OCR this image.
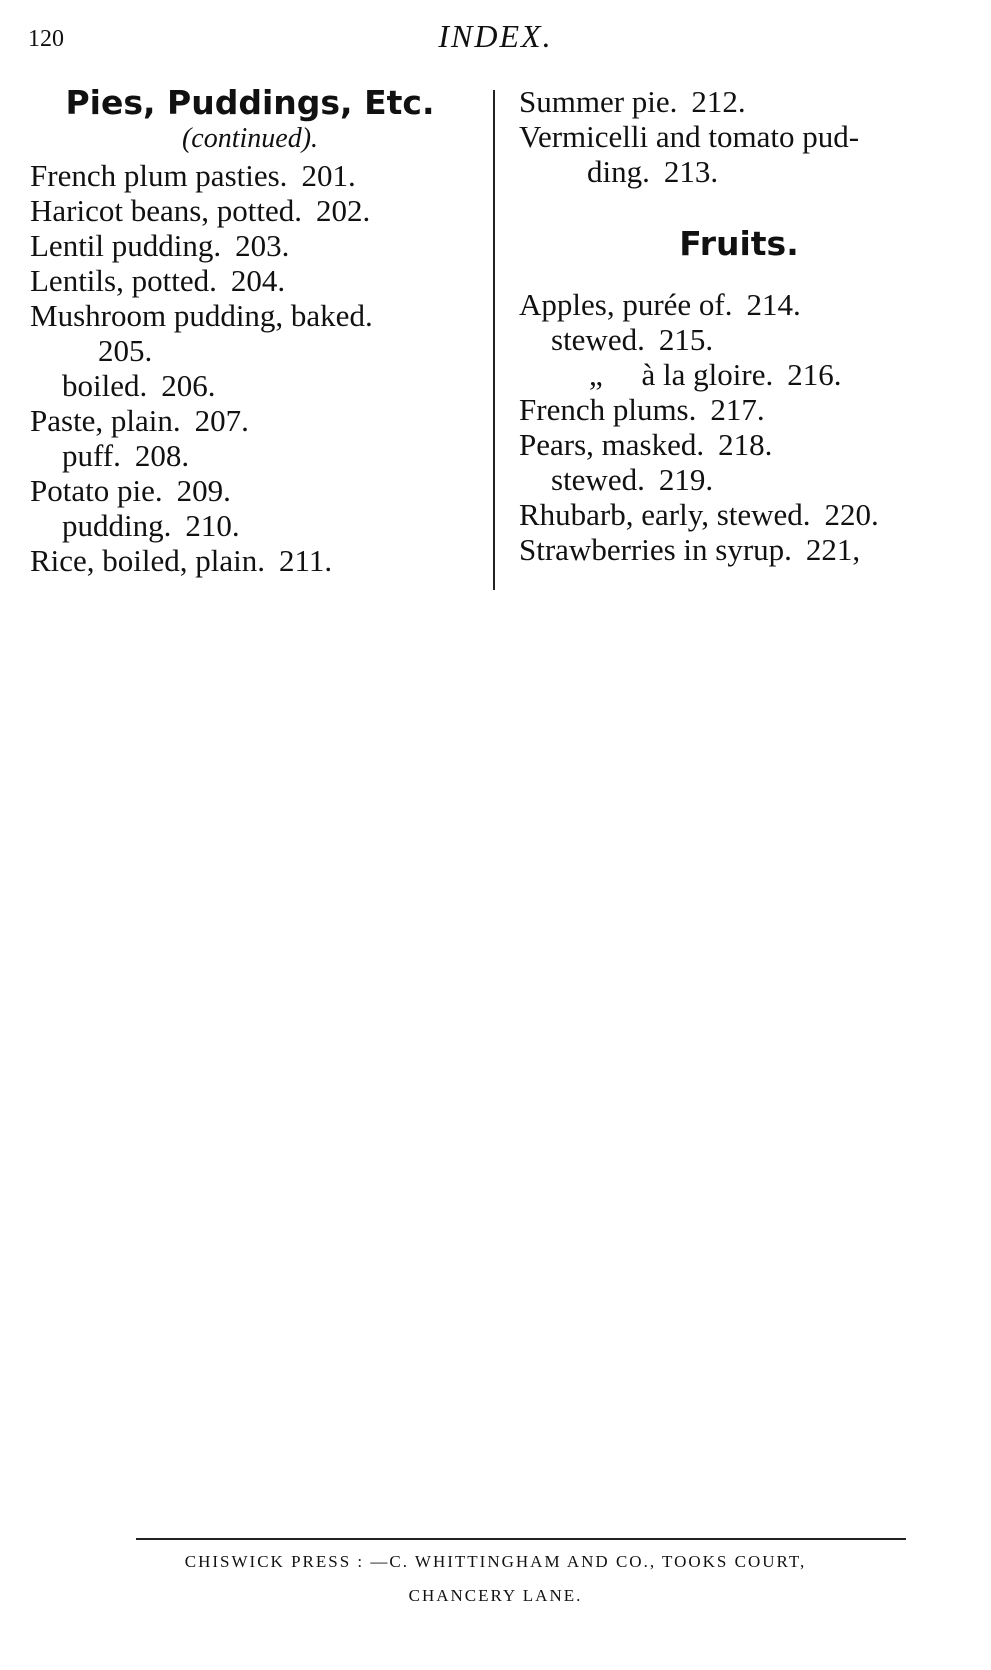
120	INDEX.
Pies, Puddings, Etc.
(continued).
French plum pasties. 201.
Haricot beans, potted. 202.
Lentil pudding. 203.
Lentils, potted. 204.
Mushroom pudding, baked.
205.
boiled. 206.
Paste, plain. 207.
puff. 208.
Potato pie. 209.
pudding. 210.
Rice, boiled, plain. 211.
Summer pie. 212.
Vermicelli and tomato pud-
ding. 213.
Fruits.
Apples, purée of. 214.
stewed. 215.
„ à la gloire. 216.
French plums. 217.
Pears, masked. 218.
stewed. 219.
Rhubarb, early, stewed. 220.
Strawberries in syrup. 221,
CHISWICK PRESS : —C. WHITTINGHAM AND CO., TOOKS COURT,
CHANCERY LANE.
